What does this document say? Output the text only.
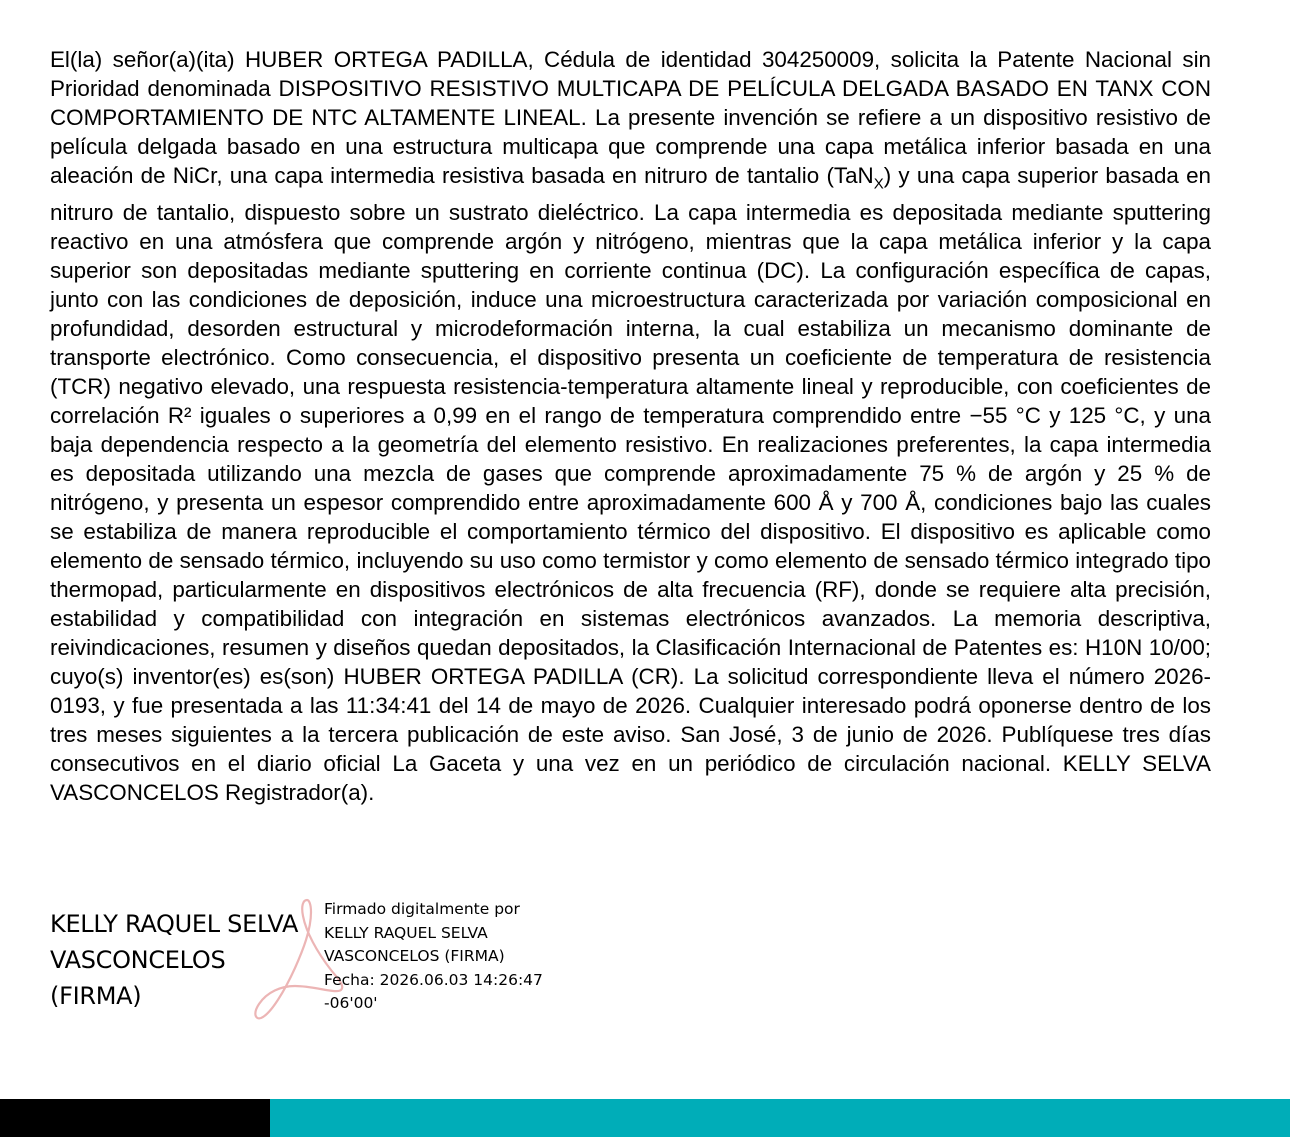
El(la) señor(a)(ita) HUBER ORTEGA PADILLA, Cédula de identidad 304250009, solicita la Patente Nacional sin Prioridad denominada DISPOSITIVO RESISTIVO MULTICAPA DE PELÍCULA DELGADA BASADO EN TANX CON COMPORTAMIENTO DE NTC ALTAMENTE LINEAL. La presente invención se refiere a un dispositivo resistivo de película delgada basado en una estructura multicapa que comprende una capa metálica inferior basada en una aleación de NiCr, una capa intermedia resistiva basada en nitruro de tantalio (TaN$_X$) y una capa superior basada en nitruro de tantalio, dispuesto sobre un sustrato dieléctrico. La capa intermedia es depositada mediante sputtering reactivo en una atmósfera que comprende argón y nitrógeno, mientras que la capa metálica inferior y la capa superior son depositadas mediante sputtering en corriente continua (DC). La configuración específica de capas, junto con las condiciones de deposición, induce una microestructura caracterizada por variación composicional en profundidad, desorden estructural y microdeformación interna, la cual estabiliza un mecanismo dominante de transporte electrónico. Como consecuencia, el dispositivo presenta un coeficiente de temperatura de resistencia (TCR) negativo elevado, una respuesta resistencia-temperatura altamente lineal y reproducible, con coeficientes de correlación R² iguales o superiores a 0,99 en el rango de temperatura comprendido entre −55 °C y 125 °C, y una baja dependencia respecto a la geometría del elemento resistivo. En realizaciones preferentes, la capa intermedia es depositada utilizando una mezcla de gases que comprende aproximadamente 75 % de argón y 25 % de nitrógeno, y presenta un espesor comprendido entre aproximadamente 600 Å y 700 Å, condiciones bajo las cuales se estabiliza de manera reproducible el comportamiento térmico del dispositivo. El dispositivo es aplicable como elemento de sensado térmico, incluyendo su uso como termistor y como elemento de sensado térmico integrado tipo thermopad, particularmente en dispositivos electrónicos de alta frecuencia (RF), donde se requiere alta precisión, estabilidad y compatibilidad con integración en sistemas electrónicos avanzados. La memoria descriptiva, reivindicaciones, resumen y diseños quedan depositados, la Clasificación Internacional de Patentes es: H10N 10/00; cuyo(s) inventor(es) es(son) HUBER ORTEGA PADILLA (CR). La solicitud correspondiente lleva el número 2026-0193, y fue presentada a las 11:34:41 del 14 de mayo de 2026. Cualquier interesado podrá oponerse dentro de los tres meses siguientes a la tercera publicación de este aviso. San José, 3 de junio de 2026. Publíquese tres días consecutivos en el diario oficial La Gaceta y una vez en un periódico de circulación nacional. KELLY SELVA VASCONCELOS Registrador(a).

KELLY RAQUEL SELVA
VASCONCELOS
(FIRMA)
Firmado digitalmente por
KELLY RAQUEL SELVA
VASCONCELOS (FIRMA)
Fecha: 2026.06.03 14:26:47
-06'00'
